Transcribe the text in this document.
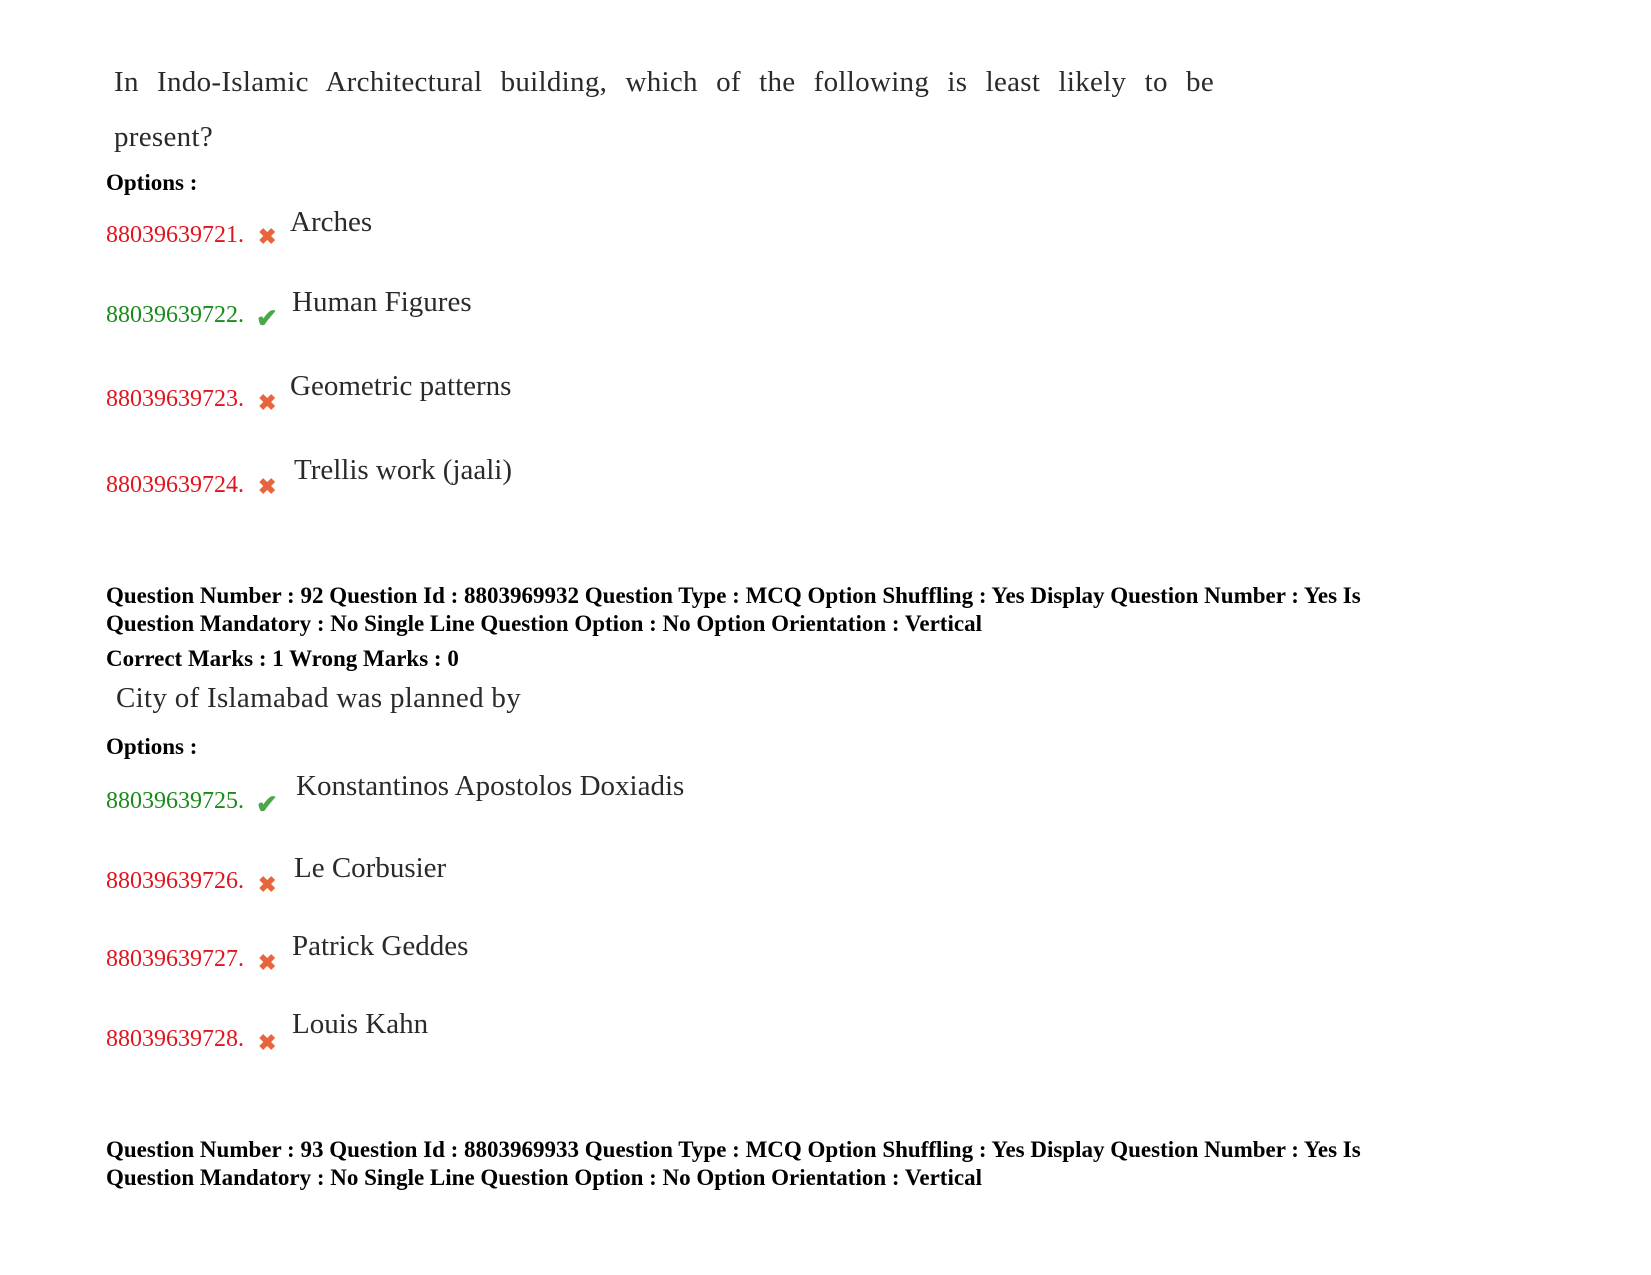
In Indo-Islamic Architectural building, which of the following is least likely to be
present?
Options :
88039639721. ✖ Arches
88039639722. ✔
Human Figures
88039639723. ✖
Geometric patterns
88039639724. ✖
Trellis work (jaali)
Question Number : 92 Question Id : 8803969932 Question Type : MCQ Option Shuffling : Yes Display Question Number : Yes Is
Question Mandatory : No Single Line Question Option : No Option Orientation : Vertical
Correct Marks : 1 Wrong Marks : 0
City of Islamabad was planned by
Options :
88039639725. ✔
Konstantinos Apostolos Doxiadis
88039639726. ✖
Le Corbusier
88039639727. ✖
Patrick Geddes
88039639728. ✖
Louis Kahn
Question Number : 93 Question Id : 8803969933 Question Type : MCQ Option Shuffling : Yes Display Question Number : Yes Is
Question Mandatory : No Single Line Question Option : No Option Orientation : Vertical
